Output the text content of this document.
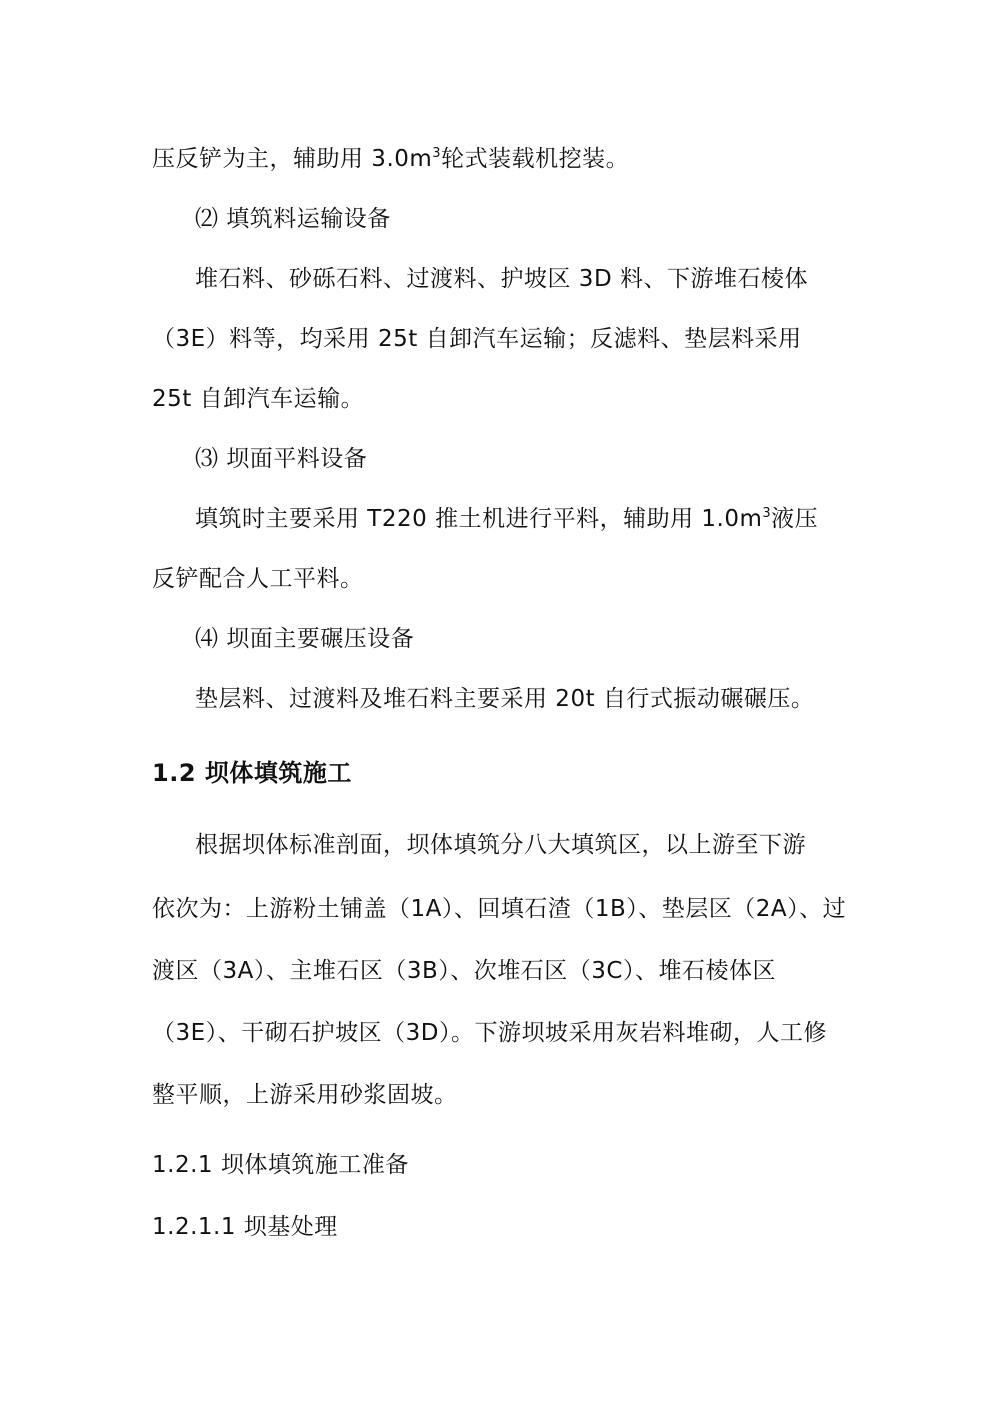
压反铲为主，辅助用 $3.0m^3$轮式装载机挖装。
⑵ 填筑料运输设备
堆石料、砂砾石料、过渡料、护坡区 3D 料、下游堆石棱体
（3E）料等，均采用 25t 自卸汽车运输；反滤料、垫层料采用
25t 自卸汽车运输。
⑶ 坝面平料设备
填筑时主要采用 T220 推土机进行平料，辅助用 $1.0m^3$液压
反铲配合人工平料。
⑷ 坝面主要碾压设备
垫层料、过渡料及堆石料主要采用 20t 自行式振动碾碾压。
1.2 坝体填筑施工
根据坝体标准剖面，坝体填筑分八大填筑区，以上游至下游
依次为：上游粉土铺盖（1A）、回填石渣（1B）、垫层区（2A）、过
渡区（3A）、主堆石区（3B）、次堆石区（3C）、堆石棱体区
（3E）、干砌石护坡区（3D）。下游坝坡采用灰岩料堆砌，人工修
整平顺，上游采用砂浆固坡。
1.2.1 坝体填筑施工准备
1.2.1.1 坝基处理
